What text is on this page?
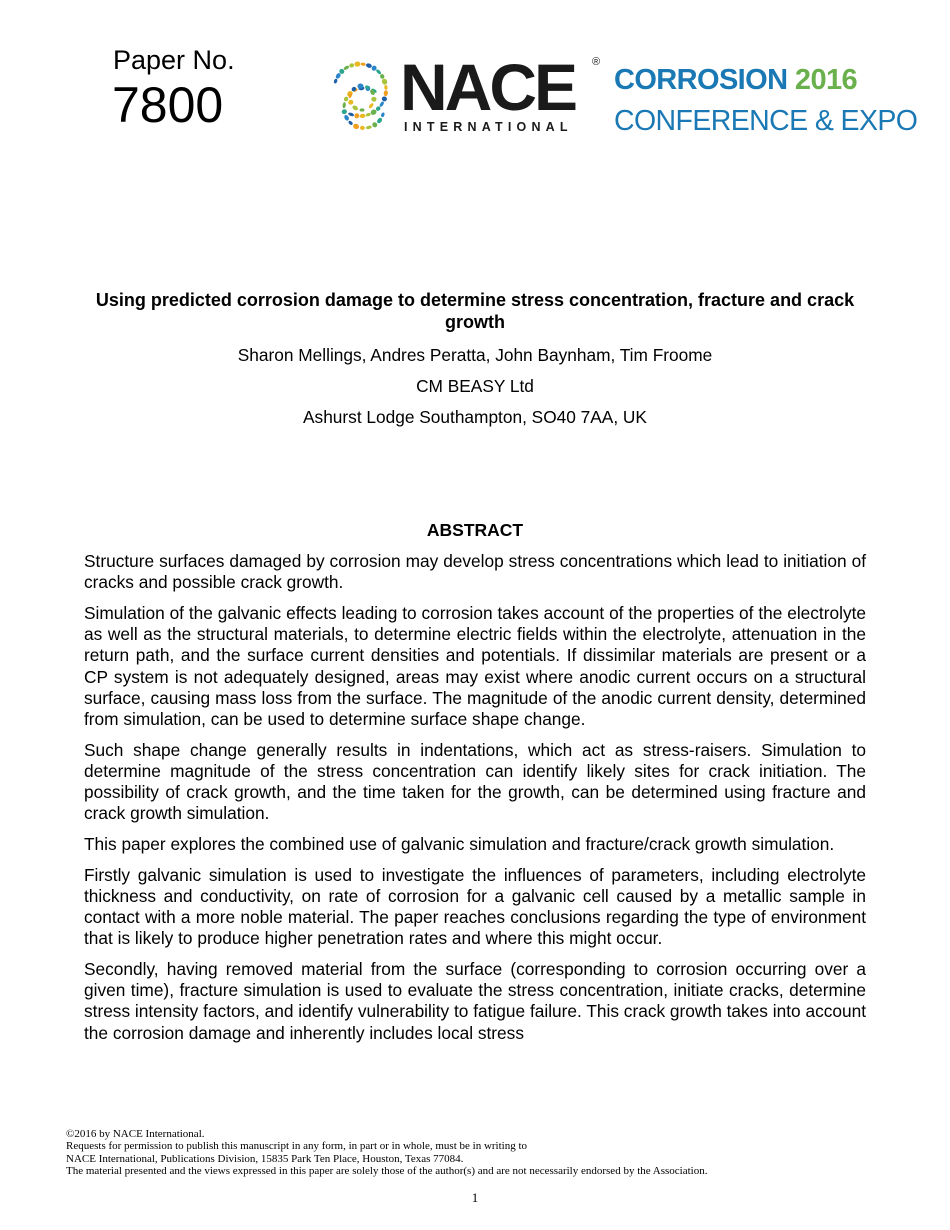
Paper No.
7800	NACE ®
INTERNATIONAL
CORROSION 2016
CONFERENCE & EXPO
Using predicted corrosion damage to determine stress concentration, fracture and crack growth
Sharon Mellings, Andres Peratta, John Baynham, Tim Froome
CM BEASY Ltd
Ashurst Lodge Southampton, SO40 7AA, UK
ABSTRACT

Structure surfaces damaged by corrosion may develop stress concentrations which lead to initiation of cracks and possible crack growth.

Simulation of the galvanic effects leading to corrosion takes account of the properties of the electrolyte as well as the structural materials, to determine electric fields within the electrolyte, attenuation in the return path, and the surface current densities and potentials. If dissimilar materials are present or a CP system is not adequately designed, areas may exist where anodic current occurs on a structural surface, causing mass loss from the surface. The magnitude of the anodic current density, determined from simulation, can be used to determine surface shape change.

Such shape change generally results in indentations, which act as stress-raisers. Simulation to determine magnitude of the stress concentration can identify likely sites for crack initiation. The possibility of crack growth, and the time taken for the growth, can be determined using fracture and crack growth simulation.

This paper explores the combined use of galvanic simulation and fracture/crack growth simulation.

Firstly galvanic simulation is used to investigate the influences of parameters, including electrolyte thickness and conductivity, on rate of corrosion for a galvanic cell caused by a metallic sample in contact with a more noble material. The paper reaches conclusions regarding the type of environment that is likely to produce higher penetration rates and where this might occur.

Secondly, having removed material from the surface (corresponding to corrosion occurring over a given time), fracture simulation is used to evaluate the stress concentration, initiate cracks, determine stress intensity factors, and identify vulnerability to fatigue failure. This crack growth takes into account the corrosion damage and inherently includes local stress

©2016 by NACE International.
Requests for permission to publish this manuscript in any form, in part or in whole, must be in writing to
NACE International, Publications Division, 15835 Park Ten Place, Houston, Texas 77084.
The material presented and the views expressed in this paper are solely those of the author(s) and are not necessarily endorsed by the Association.
1
